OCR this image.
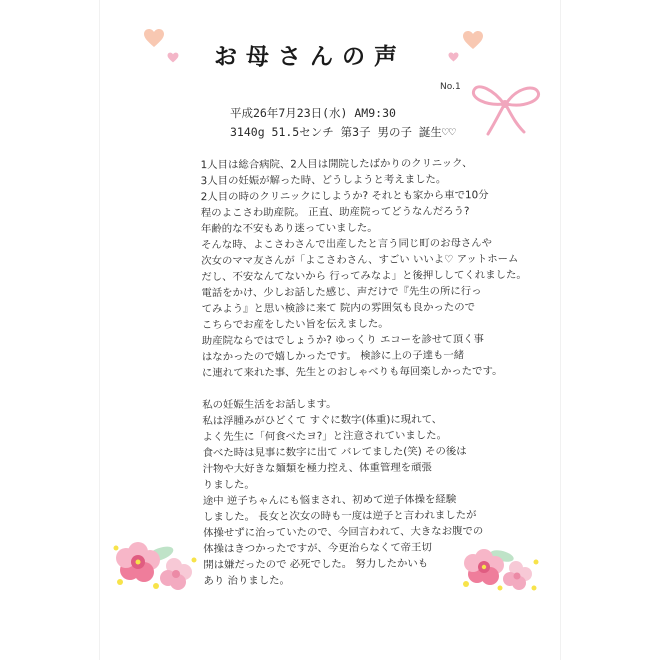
お母さんの声
No.1
平成26年7月23日(水) AM9:30
3140g 51.5センチ 第3子 男の子 誕生♡♡
1人目は総合病院、2人目は開院したばかりのクリニック、
3人目の妊娠が解った時、どうしようと考えました。
2人目の時のクリニックにしようか? それとも家から車で10分
程のよこさわ助産院。 正直、助産院ってどうなんだろう?
年齢的な不安もあり迷っていました。
そんな時、よこさわさんで出産したと言う同じ町のお母さんや
次女のママ友さんが「よこさわさん、すごい いいよ♡ アットホーム
だし、不安なんてないから 行ってみなよ」と後押ししてくれました。
電話をかけ、少しお話した感じ、声だけで『先生の所に行っ
てみよう』と思い検診に来て 院内の雰囲気も良かったので
こちらでお産をしたい旨を伝えました。
助産院ならではでしょうか? ゆっくり エコーを診せて頂く事
はなかったので嬉しかったです。 検診に上の子達も一緒
に連れて来れた事、先生とのおしゃべりも毎回楽しかったです。
私の妊娠生活をお話します。
私は浮腫みがひどくて すぐに数字(体重)に現れて、
よく先生に「何食べたヨ?」と注意されていました。
食べた時は見事に数字に出て バレてました(笑) その後は
汁物や大好きな麺類を極力控え、体重管理を頑張
りました。
途中 逆子ちゃんにも悩まされ、初めて逆子体操を経験
しました。 長女と次女の時も一度は逆子と言われましたが
体操せずに治っていたので、今回言われて、大きなお腹での
体操はきつかったですが、今更治らなくて帝王切
開は嫌だったので 必死でした。 努力したかいも
あり 治りました。
